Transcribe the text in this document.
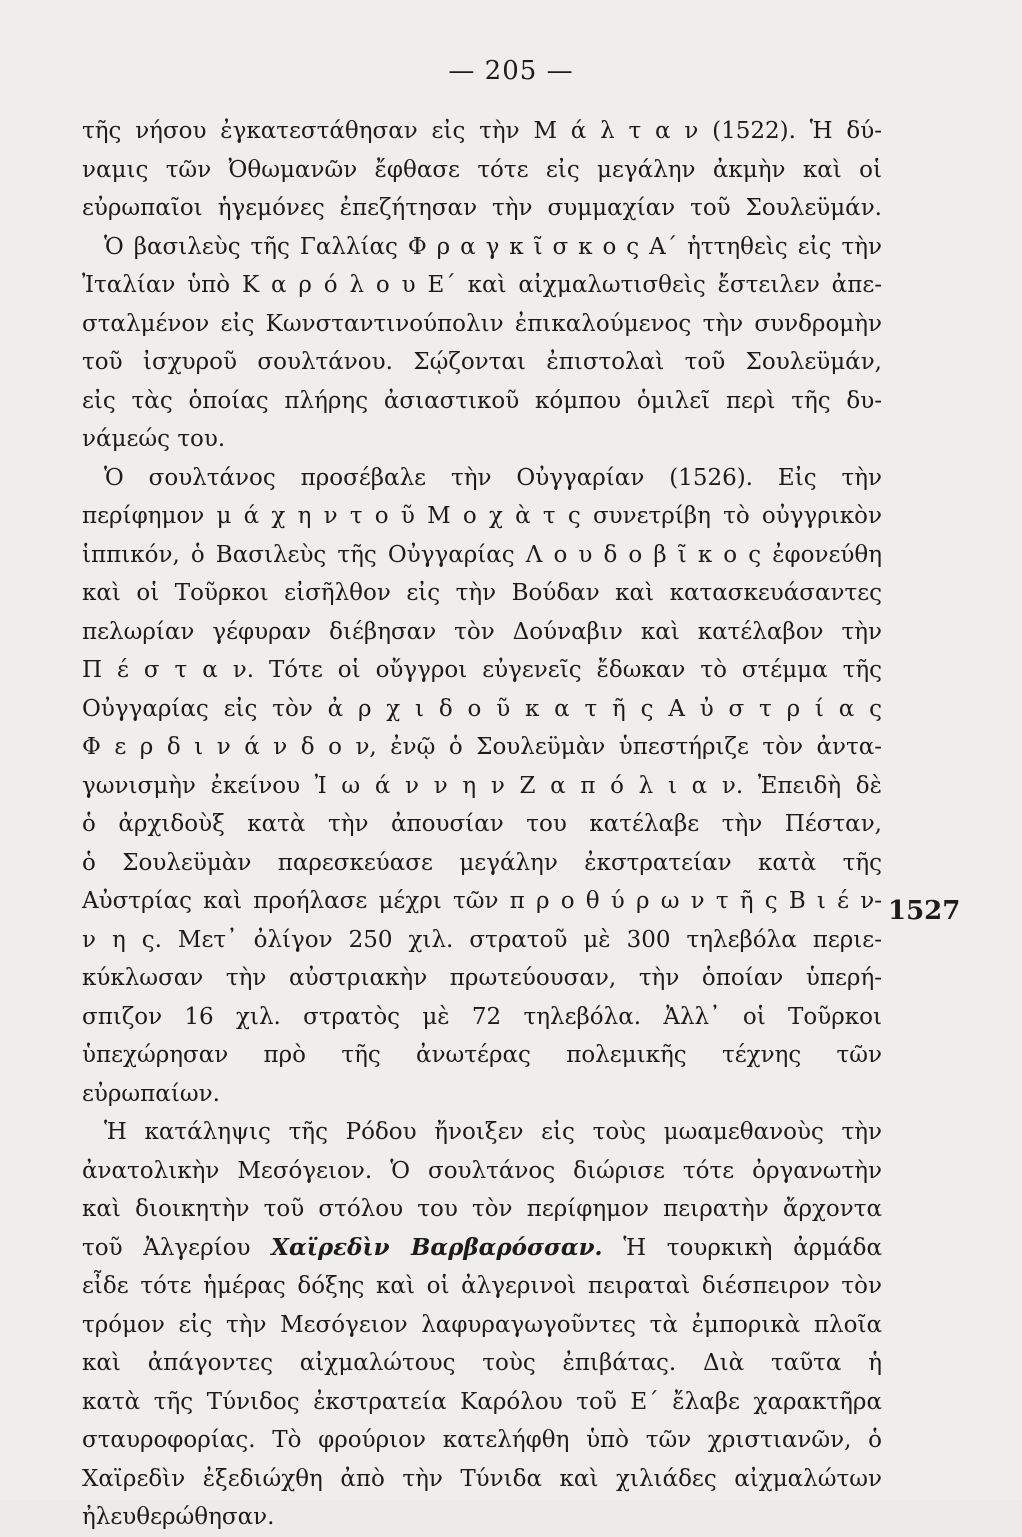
— 205 —
τῆς νήσου ἐγκατεστάθησαν εἰς τὴν Μ ά λ τ α ν (1522). Ἡ δύ-
ναμις τῶν Ὀθωμανῶν ἔφθασε τότε εἰς μεγάλην ἀκμὴν καὶ οἱ
εὐρωπαῖοι ἡγεμόνες ἐπεζήτησαν τὴν συμμαχίαν τοῦ Σουλεϋμάν.
Ὁ βασιλεὺς τῆς Γαλλίας Φ ρ α γ κ ῖ σ κ ο ς Α΄ ἡττηθεὶς εἰς τὴν
Ἰταλίαν ὑπὸ Κ α ρ ό λ ο υ Ε΄ καὶ αἰχμαλωτισθεὶς ἔστειλεν ἀπε-
σταλμένον εἰς Κωνσταντινούπολιν ἐπικαλούμενος τὴν συνδρομὴν
τοῦ ἰσχυροῦ σουλτάνου. Σῴζονται ἐπιστολαὶ τοῦ Σουλεϋμάν,
εἰς τὰς ὁποίας πλήρης ἀσιαστικοῦ κόμπου ὁμιλεῖ περὶ τῆς δυ-
νάμεώς του.
Ὁ σουλτάνος προσέβαλε τὴν Οὐγγαρίαν (1526). Εἰς τὴν
περίφημον μ ά χ η ν τ ο ῦ Μ ο χ ὰ τ ς συνετρίβη τὸ οὐγγρικὸν
ἱππικόν, ὁ Βασιλεὺς τῆς Οὐγγαρίας Λ ο υ δ ο β ῖ κ ο ς ἐφονεύθη
καὶ οἱ Τοῦρκοι εἰσῆλθον εἰς τὴν Βούδαν καὶ κατασκευάσαντες
πελωρίαν γέφυραν διέβησαν τὸν Δούναβιν καὶ κατέλαβον τὴν
Π έ σ τ α ν. Τότε οἱ οὔγγροι εὐγενεῖς ἔδωκαν τὸ στέμμα τῆς
Οὐγγαρίας εἰς τὸν ἀ ρ χ ι δ ο ῦ κ α τ ῆ ς Α ὐ σ τ ρ ί α ς
Φ ε ρ δ ι ν ά ν δ ο ν, ἐνῷ ὁ Σουλεϋμὰν ὑπεστήριζε τὸν ἀντα-
γωνισμὴν ἐκείνου Ἰ ω ά ν ν η ν Ζ α π ό λ ι α ν. Ἐπειδὴ δὲ
ὁ ἀρχιδοὺξ κατὰ τὴν ἀπουσίαν του κατέλαβε τὴν Πέσταν,
ὁ Σουλεϋμὰν παρεσκεύασε μεγάλην ἐκστρατείαν κατὰ τῆς
Αὐστρίας καὶ προήλασε μέχρι τῶν π ρ ο θ ύ ρ ω ν τ ῆ ς Β ι έ ν-
ν η ς. Μετ᾽ ὀλίγον 250 χιλ. στρατοῦ μὲ 300 τηλεβόλα περιε-
κύκλωσαν τὴν αὐστριακὴν πρωτεύουσαν, τὴν ὁποίαν ὑπερή-
σπιζον 16 χιλ. στρατὸς μὲ 72 τηλεβόλα. Ἀλλ᾽ οἱ Τοῦρκοι
ὑπεχώρησαν πρὸ τῆς ἀνωτέρας πολεμικῆς τέχνης τῶν
εὐρωπαίων.
Ἡ κατάληψις τῆς Ρόδου ἤνοιξεν εἰς τοὺς μωαμεθανοὺς τὴν
ἀνατολικὴν Μεσόγειον. Ὁ σουλτάνος διώρισε τότε ὀργανωτὴν
καὶ διοικητὴν τοῦ στόλου του τὸν περίφημον πειρατὴν ἄρχοντα
τοῦ Ἀλγερίου Χαϊρεδὶν Βαρβαρόσσαν. Ἡ τουρκικὴ ἀρμάδα
εἶδε τότε ἡμέρας δόξης καὶ οἱ ἀλγερινοὶ πειραταὶ διέσπειρον τὸν
τρόμον εἰς τὴν Μεσόγειον λαφυραγωγοῦντες τὰ ἐμπορικὰ πλοῖα
καὶ ἀπάγοντες αἰχμαλώτους τοὺς ἐπιβάτας. Διὰ ταῦτα ἡ
κατὰ τῆς Τύνιδος ἐκστρατεία Καρόλου τοῦ Ε΄ ἔλαβε χαρακτῆρα
σταυροφορίας. Τὸ φρούριον κατελήφθη ὑπὸ τῶν χριστιανῶν, ὁ
Χαϊρεδὶν ἐξεδιώχθη ἀπὸ τὴν Τύνιδα καὶ χιλιάδες αἰχμαλώτων
ἠλευθερώθησαν.
1527
